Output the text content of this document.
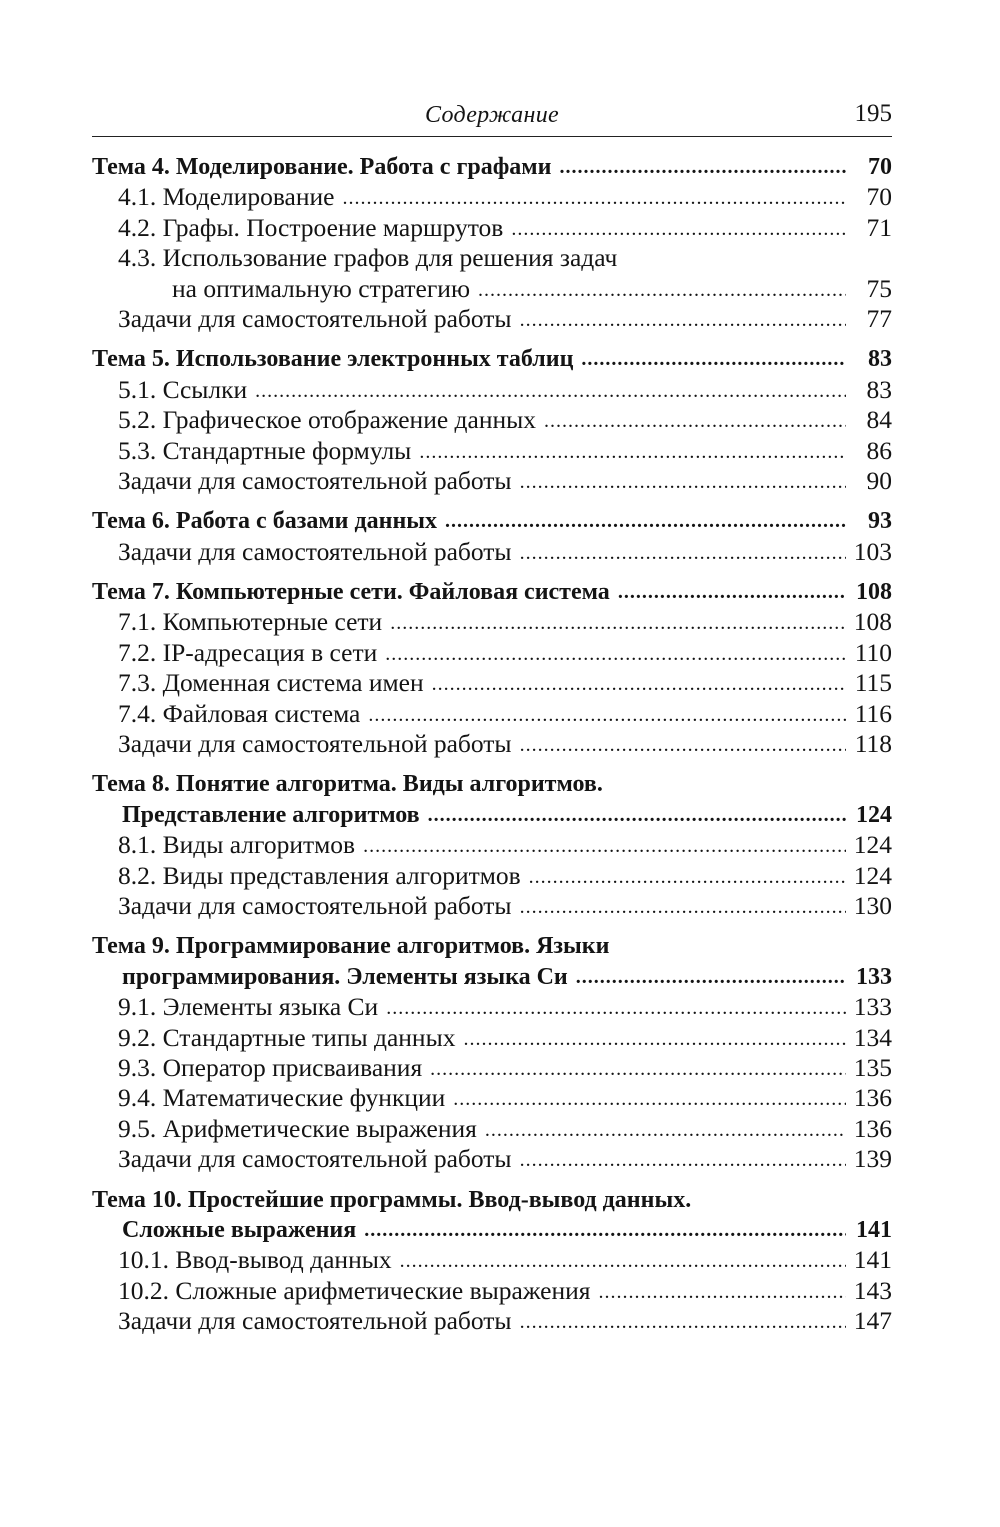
Содержание	195
Тема 4. Моделирование. Работа с графами .....	70
4.1. Моделирование .....	70
4.2. Графы. Построение маршрутов .....	71
4.3. Использование графов для решения задач
на оптимальную стратегию .....	75
Задачи для самостоятельной работы .....	77
Тема 5. Использование электронных таблиц .....	83
5.1. Ссылки .....	83
5.2. Графическое отображение данных .....	84
5.3. Стандартные формулы .....	86
Задачи для самостоятельной работы .....	90
Тема 6. Работа с базами данных .....	93
Задачи для самостоятельной работы .....	103
Тема 7. Компьютерные сети. Файловая система .....	108
7.1. Компьютерные сети .....	108
7.2. IP-адресация в сети .....	110
7.3. Доменная система имен .....	115
7.4. Файловая система .....	116
Задачи для самостоятельной работы .....	118
Тема 8. Понятие алгоритма. Виды алгоритмов.
Представление алгоритмов .....	124
8.1. Виды алгоритмов .....	124
8.2. Виды представления алгоритмов .....	124
Задачи для самостоятельной работы .....	130
Тема 9. Программирование алгоритмов. Языки
программирования. Элементы языка Си .....	133
9.1. Элементы языка Си .....	133
9.2. Стандартные типы данных .....	134
9.3. Оператор присваивания .....	135
9.4. Математические функции .....	136
9.5. Арифметические выражения .....	136
Задачи для самостоятельной работы .....	139
Тема 10. Простейшие программы. Ввод-вывод данных.
Сложные выражения .....	141
10.1. Ввод-вывод данных .....	141
10.2. Сложные арифметические выражения .....	143
Задачи для самостоятельной работы .....	147
